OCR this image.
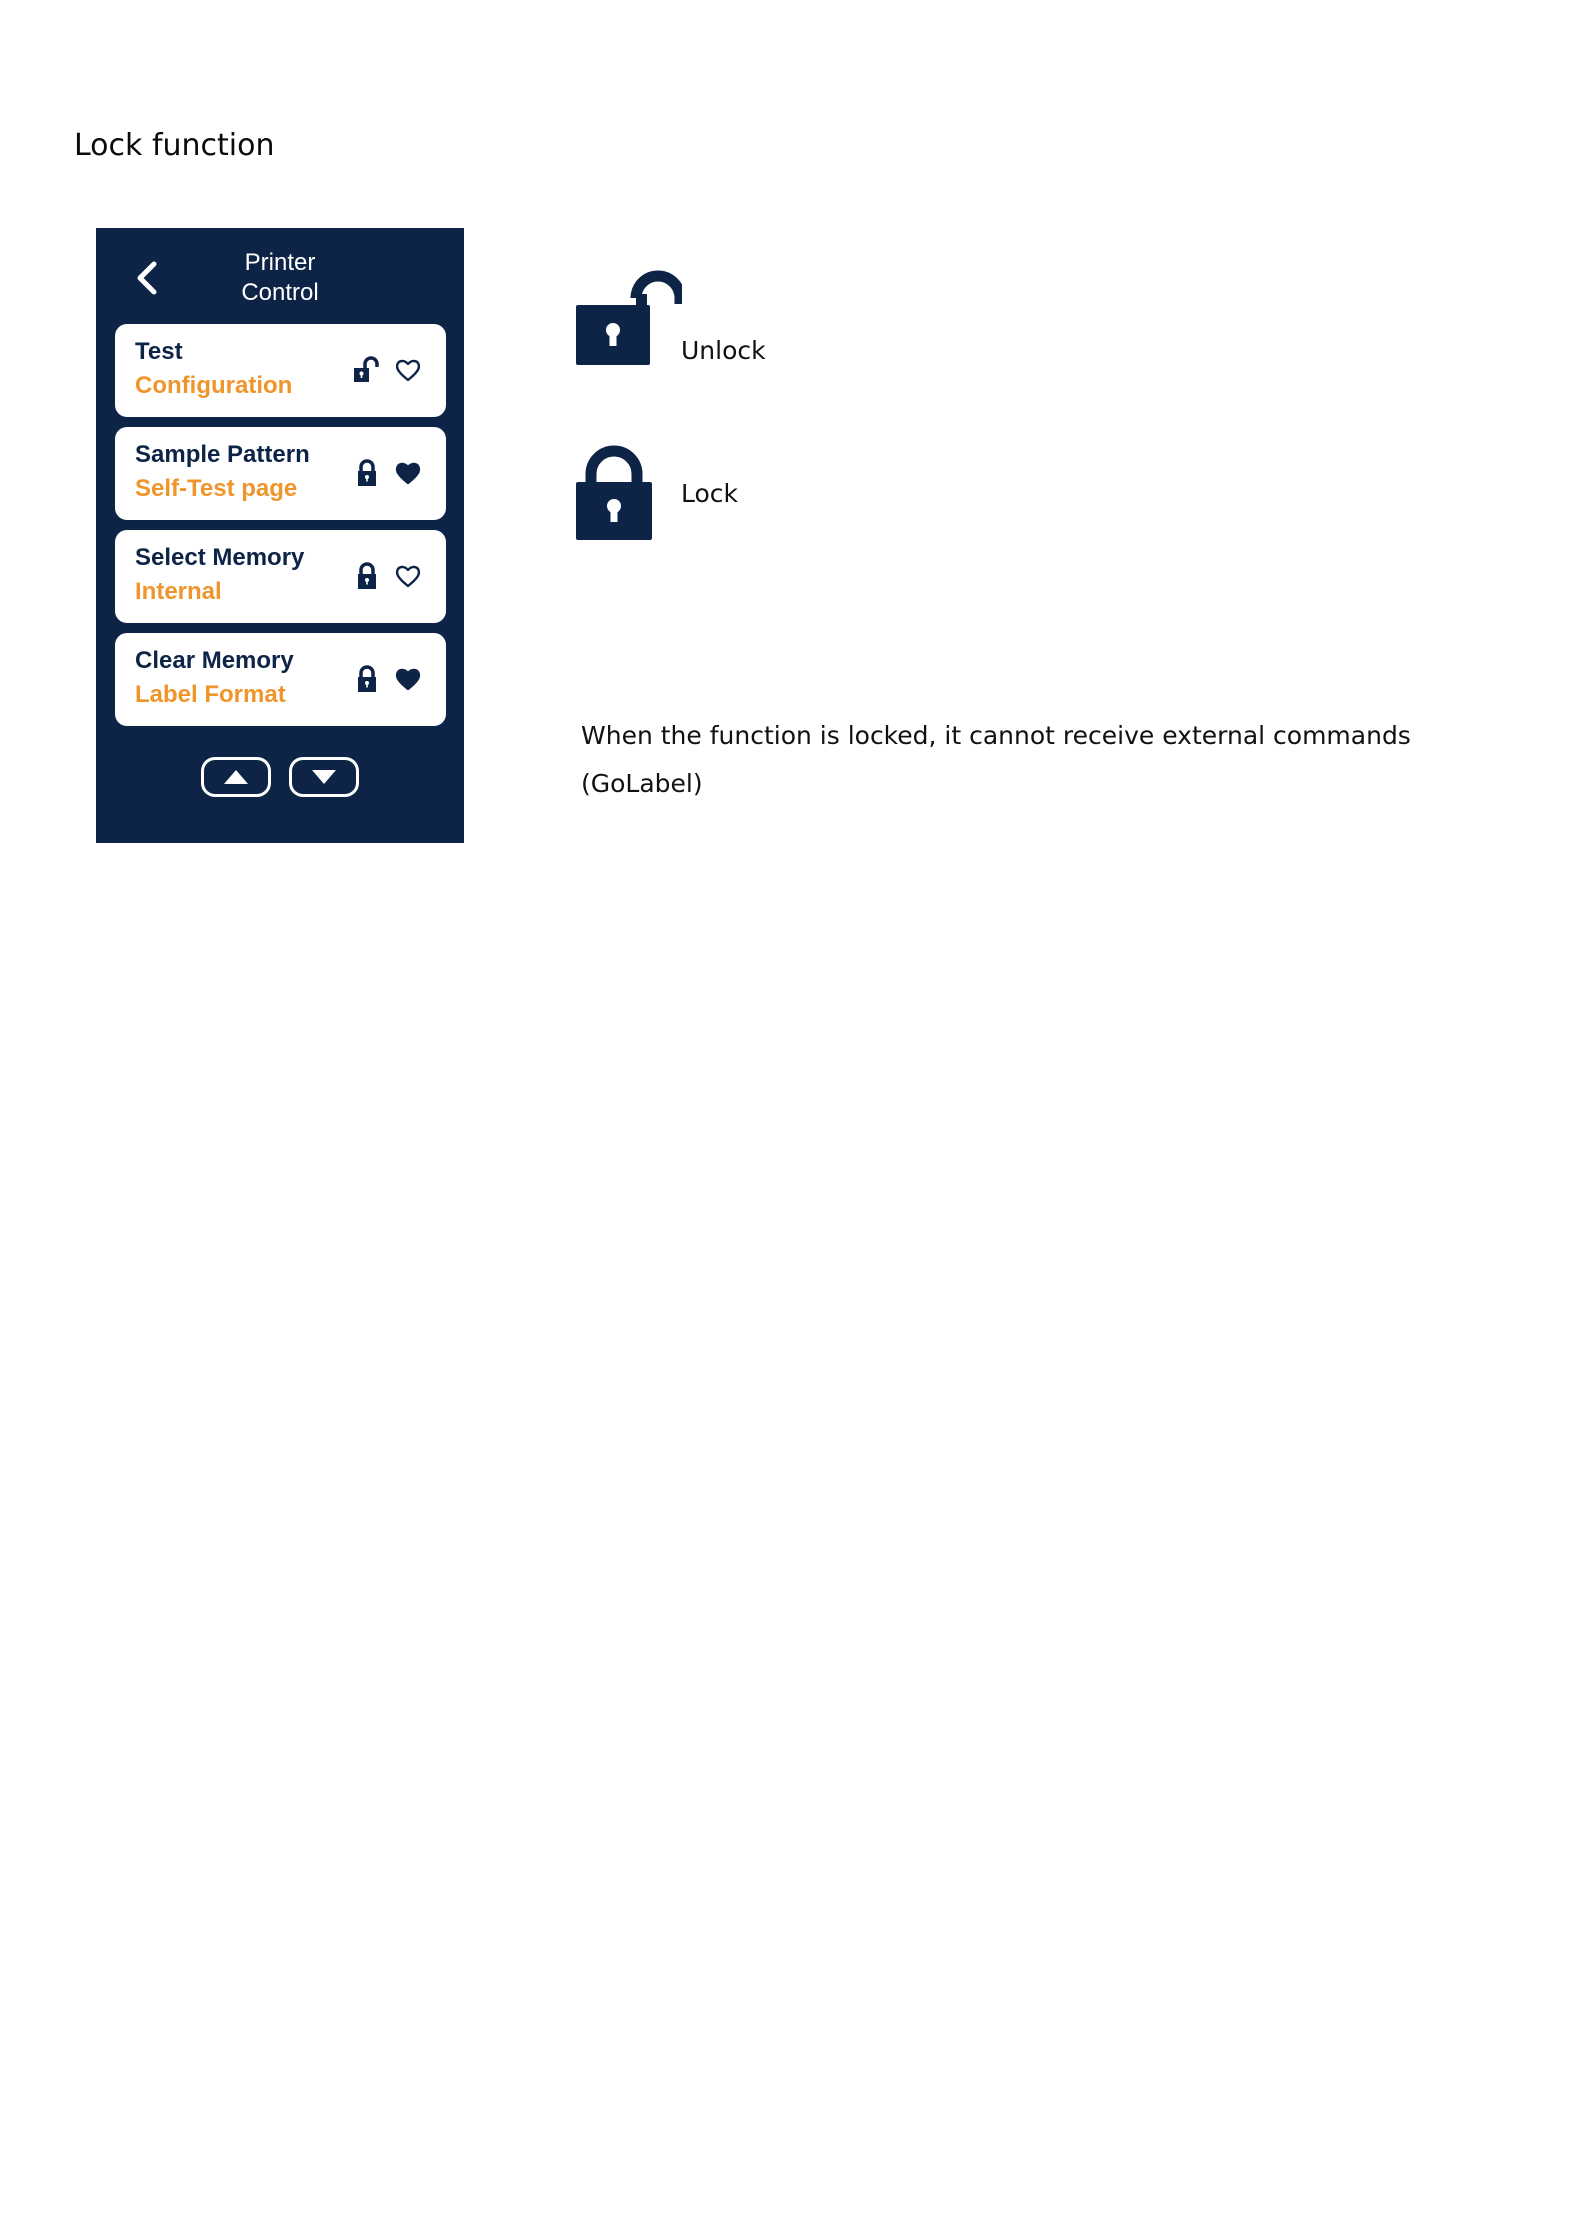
Lock function
Printer
Control
Test
Configuration
Sample Pattern
Self-Test page
Select Memory
Internal
Clear Memory
Label Format
Unlock
Lock
When the function is locked, it cannot receive external commands
(GoLabel)
